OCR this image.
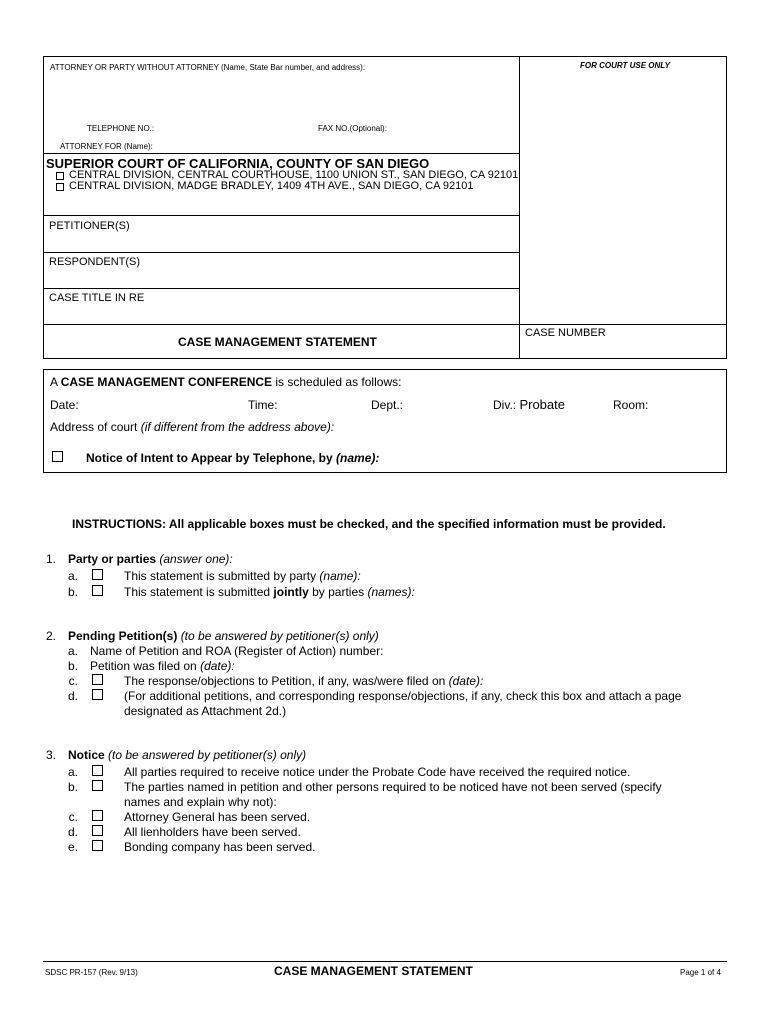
ATTORNEY OR PARTY WITHOUT ATTORNEY (Name, State Bar number, and address):	FOR COURT USE ONLY
TELEPHONE NO.:	FAX NO.(Optional):
ATTORNEY FOR (Name):
SUPERIOR COURT OF CALIFORNIA, COUNTY OF SAN DIEGO
CENTRAL DIVISION, CENTRAL COURTHOUSE, 1100 UNION ST., SAN DIEGO, CA 92101
CENTRAL DIVISION, MADGE BRADLEY, 1409 4TH AVE., SAN DIEGO, CA 92101
PETITIONER(S)
RESPONDENT(S)
CASE TITLE IN RE
CASE NUMBER
CASE MANAGEMENT STATEMENT
A CASE MANAGEMENT CONFERENCE is scheduled as follows:
Date:	Time:	Dept.:	Div.: Probate	Room:
Address of court (if different from the address above):
Notice of Intent to Appear by Telephone, by (name):
INSTRUCTIONS: All applicable boxes must be checked, and the specified information must be provided.
1. Party or parties (answer one):
a.	This statement is submitted by party (name):
b.	This statement is submitted jointly by parties (names):
2. Pending Petition(s) (to be answered by petitioner(s) only)
a. Name of Petition and ROA (Register of Action) number:
b. Petition was filed on (date):
c.	The response/objections to Petition, if any, was/were filed on (date):
d.	(For additional petitions, and corresponding response/objections, if any, check this box and attach a page
designated as Attachment 2d.)
3. Notice (to be answered by petitioner(s) only)
a.	All parties required to receive notice under the Probate Code have received the required notice.
b.	The parties named in petition and other persons required to be noticed have not been served (specify
names and explain why not):
c.	Attorney General has been served.
d.	All lienholders have been served.
e.	Bonding company has been served.
SDSC PR-157 (Rev. 9/13)	CASE MANAGEMENT STATEMENT	Page 1 of 4
